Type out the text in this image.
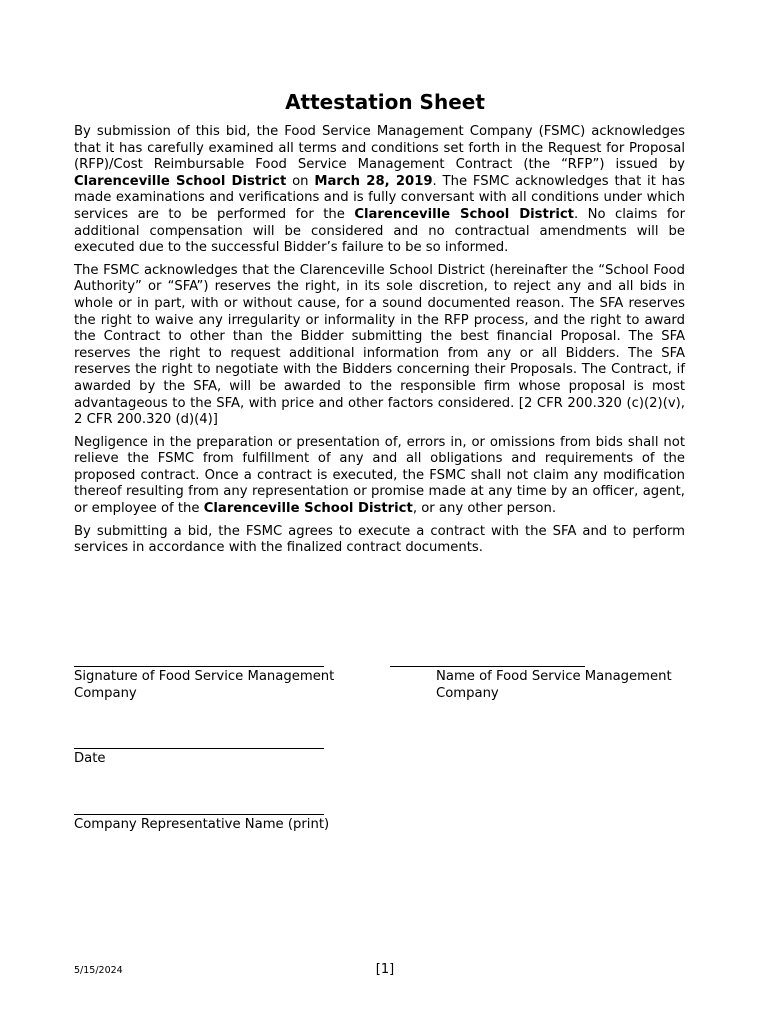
Attestation Sheet

By submission of this bid, the Food Service Management Company (FSMC) acknowledges that it has carefully examined all terms and conditions set forth in the Request for Proposal (RFP)/Cost Reimbursable Food Service Management Contract (the “RFP”) issued by Clarenceville School District on March 28, 2019. The FSMC acknowledges that it has made examinations and verifications and is fully conversant with all conditions under which services are to be performed for the Clarenceville School District. No claims for additional compensation will be considered and no contractual amendments will be executed due to the successful Bidder’s failure to be so informed.

The FSMC acknowledges that the Clarenceville School District (hereinafter the “School Food Authority” or “SFA”) reserves the right, in its sole discretion, to reject any and all bids in whole or in part, with or without cause, for a sound documented reason. The SFA reserves the right to waive any irregularity or informality in the RFP process, and the right to award the Contract to other than the Bidder submitting the best financial Proposal. The SFA reserves the right to request additional information from any or all Bidders. The SFA reserves the right to negotiate with the Bidders concerning their Proposals. The Contract, if awarded by the SFA, will be awarded to the responsible firm whose proposal is most advantageous to the SFA, with price and other factors considered. [2 CFR 200.320 (c)(2)(v), 2 CFR 200.320 (d)(4)]

Negligence in the preparation or presentation of, errors in, or omissions from bids shall not relieve the FSMC from fulfillment of any and all obligations and requirements of the proposed contract. Once a contract is executed, the FSMC shall not claim any modification thereof resulting from any representation or promise made at any time by an officer, agent, or employee of the Clarenceville School District, or any other person.

By submitting a bid, the FSMC agrees to execute a contract with the SFA and to perform services in accordance with the finalized contract documents.

Signature of Food Service Management Company
Name of Food Service Management Company
Date
Company Representative Name (print)
5/15/2024	[1]
